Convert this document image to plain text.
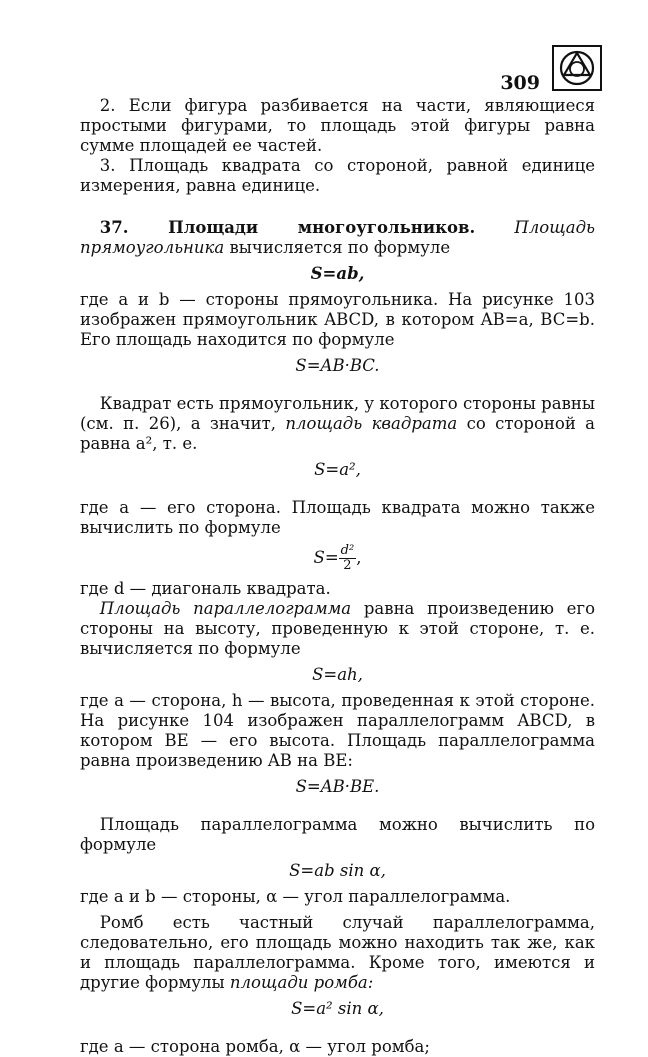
309

2. Если фигура разбивается на части, являющиеся простыми фигурами, то площадь этой фигуры равна сумме площадей ее частей.

3. Площадь квадрата со стороной, равной единице измерения, равна единице.

37. Площади многоугольников. Площадь прямоугольника вычисляется по формуле

S=ab,

где a и b — стороны прямоугольника. На рисунке 103 изображен прямоугольник ABCD, в котором AB=a, BC=b. Его площадь находится по формуле

S=AB·BC.

Квадрат есть прямоугольник, у которого стороны равны (см. п. 26), а значит, площадь квадрата со стороной a равна a², т. е.

S=a²,

где a — его сторона. Площадь квадрата можно также вычислить по формуле

$S= \frac{\text{d²}}{2}$ ,

где d — диагональ квадрата.

Площадь параллелограмма равна произведению его стороны на высоту, проведенную к этой стороне, т. е. вычисляется по формуле

S=ah,

где a — сторона, h — высота, проведенная к этой стороне. На рисунке 104 изображен параллелограмм ABCD, в котором BE — его высота. Площадь параллелограмма равна произведению AB на BE:

S=AB·BE.

Площадь параллелограмма можно вычислить по формуле

S=ab sin α,

где a и b — стороны, α — угол параллелограмма.

Ромб есть частный случай параллелограмма, следовательно, его площадь можно находить так же, как и площадь параллелограмма. Кроме того, имеются и другие формулы площади ромба:

S=a² sin α,

где a — сторона ромба, α — угол ромба;
